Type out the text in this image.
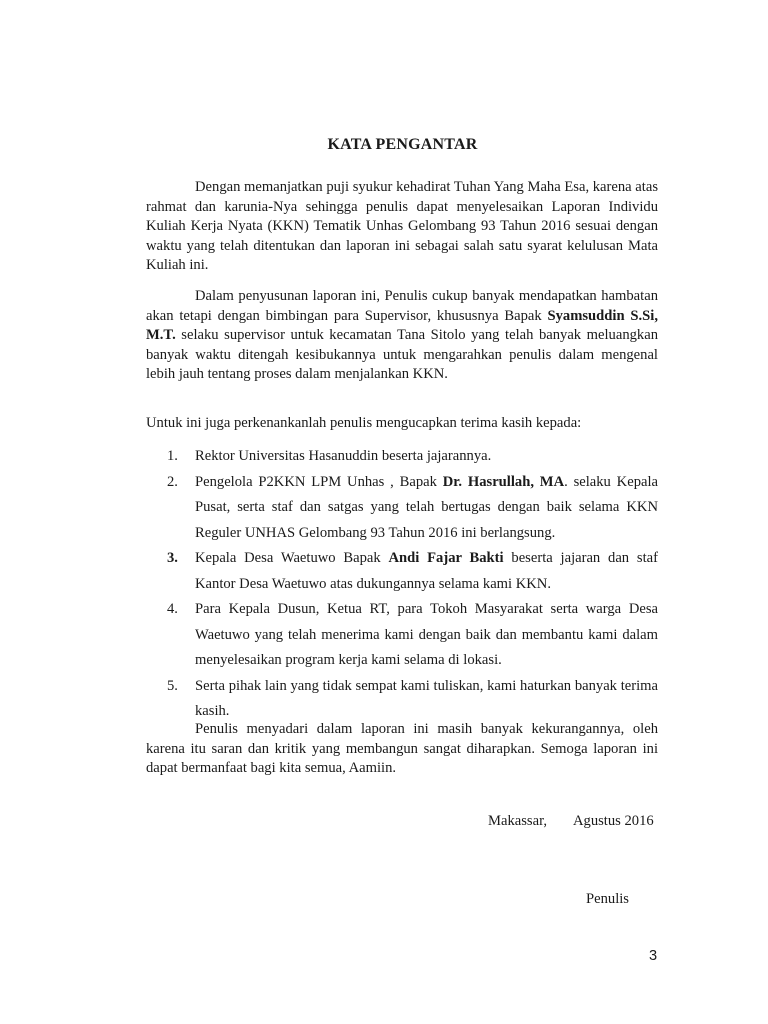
KATA PENGANTAR

Dengan memanjatkan puji syukur kehadirat Tuhan Yang Maha Esa, karena atas rahmat dan karunia-Nya sehingga penulis dapat menyelesaikan Laporan Individu Kuliah Kerja Nyata (KKN) Tematik Unhas Gelombang 93 Tahun 2016 sesuai dengan waktu yang telah ditentukan dan laporan ini sebagai salah satu syarat kelulusan Mata Kuliah ini.

Dalam penyusunan laporan ini, Penulis cukup banyak mendapatkan hambatan akan tetapi dengan bimbingan para Supervisor, khususnya Bapak Syamsuddin S.Si, M.T. selaku supervisor untuk kecamatan Tana Sitolo yang telah banyak meluangkan banyak waktu ditengah kesibukannya untuk mengarahkan penulis dalam mengenal lebih jauh tentang proses dalam menjalankan KKN.

Untuk ini juga perkenankanlah penulis mengucapkan terima kasih kepada:

1. Rektor Universitas Hasanuddin beserta jajarannya.
2. Pengelola P2KKN LPM Unhas , Bapak Dr. Hasrullah, MA. selaku Kepala Pusat, serta staf dan satgas yang telah bertugas dengan baik selama KKN Reguler UNHAS Gelombang 93 Tahun 2016 ini berlangsung.
3. Kepala Desa Waetuwo Bapak Andi Fajar Bakti beserta jajaran dan staf Kantor Desa Waetuwo atas dukungannya selama kami KKN.
4. Para Kepala Dusun, Ketua RT, para Tokoh Masyarakat serta warga Desa Waetuwo yang telah menerima kami dengan baik dan membantu kami dalam menyelesaikan program kerja kami selama di lokasi.
5. Serta pihak lain yang tidak sempat kami tuliskan, kami haturkan banyak terima kasih.

Penulis menyadari dalam laporan ini masih banyak kekurangannya, oleh karena itu saran dan kritik yang membangun sangat diharapkan. Semoga laporan ini dapat bermanfaat bagi kita semua, Aamiin.

Makassar, Agustus 2016
Penulis
3
